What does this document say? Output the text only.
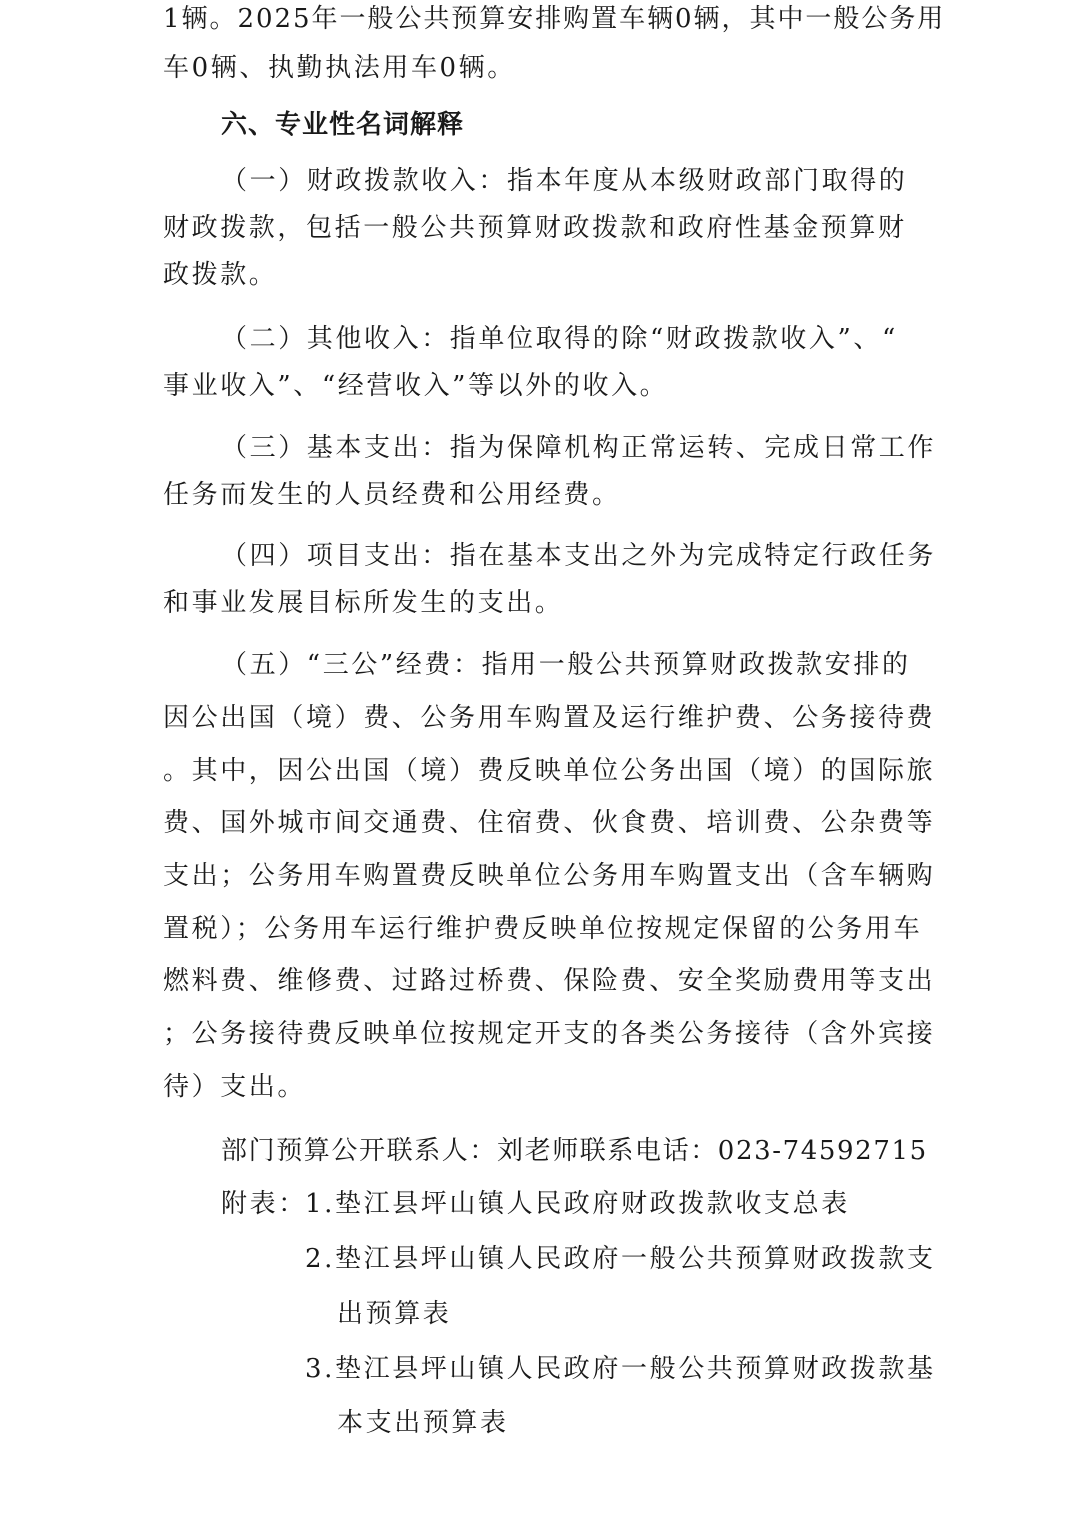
1辆。2025年一般公共预算安排购置车辆0辆，其中一般公务用
车0辆、执勤执法用车0辆。
六、专业性名词解释
（一）财政拨款收入：指本年度从本级财政部门取得的
财政拨款，包括一般公共预算财政拨款和政府性基金预算财
政拨款。
（二）其他收入：指单位取得的除“财政拨款收入”、“
事业收入”、“经营收入”等以外的收入。
（三）基本支出：指为保障机构正常运转、完成日常工作
任务而发生的人员经费和公用经费。
（四）项目支出：指在基本支出之外为完成特定行政任务
和事业发展目标所发生的支出。
（五）“三公”经费：指用一般公共预算财政拨款安排的
因公出国（境）费、公务用车购置及运行维护费、公务接待费
。其中，因公出国（境）费反映单位公务出国（境）的国际旅
费、国外城市间交通费、住宿费、伙食费、培训费、公杂费等
支出；公务用车购置费反映单位公务用车购置支出（含车辆购
置税）；公务用车运行维护费反映单位按规定保留的公务用车
燃料费、维修费、过路过桥费、保险费、安全奖励费用等支出
；公务接待费反映单位按规定开支的各类公务接待（含外宾接
待）支出。
部门预算公开联系人：刘老师联系电话：023-74592715
附表：
1.垫江县坪山镇人民政府财政拨款收支总表
2.垫江县坪山镇人民政府一般公共预算财政拨款支
出预算表
3.垫江县坪山镇人民政府一般公共预算财政拨款基
本支出预算表
